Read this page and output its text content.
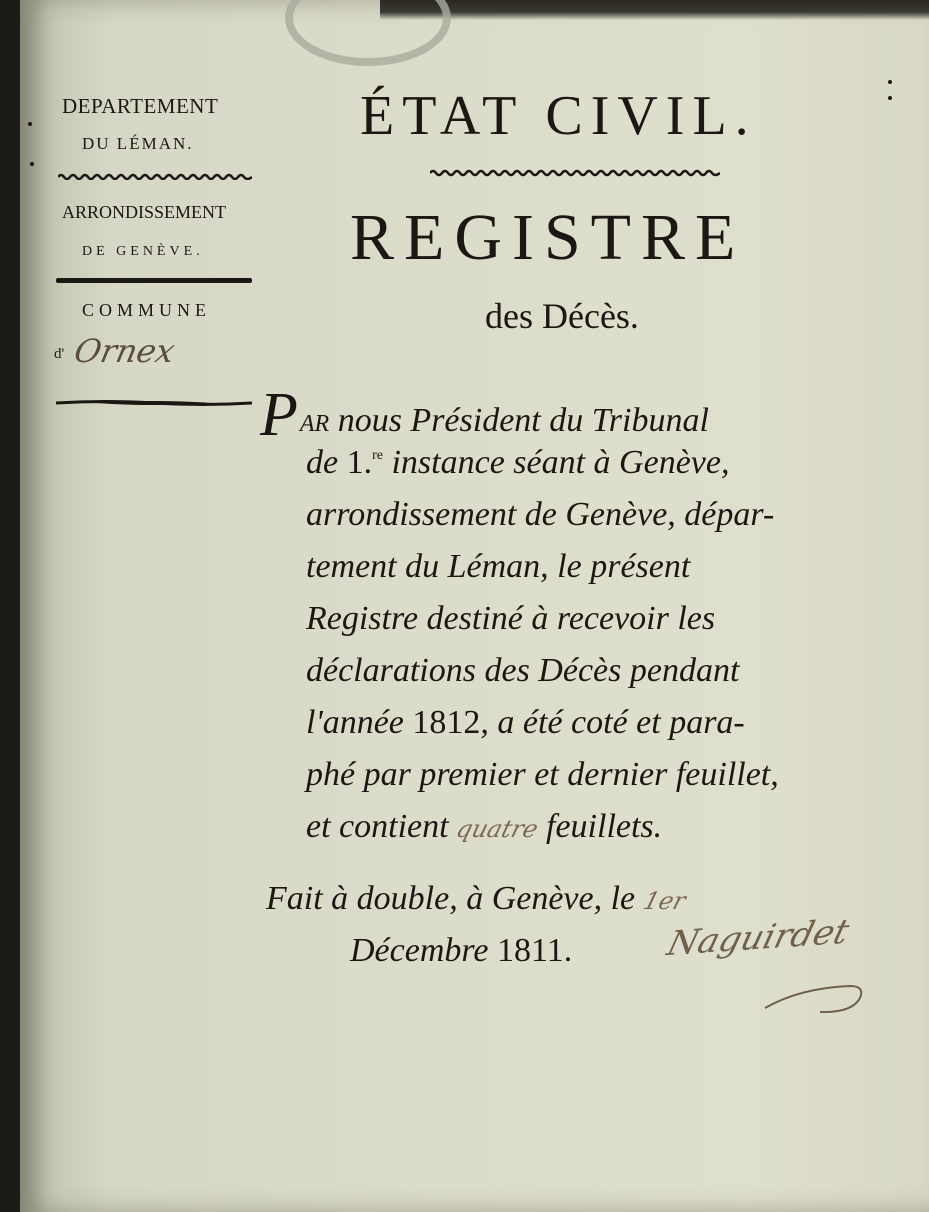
DEPARTEMENT
DU LÉMAN.
ARRONDISSEMENT
DE GENÈVE.
COMMUNE
d' Ornex
ÉTAT CIVIL.
REGISTRE
des Décès.
PAR nous Président du Tribunal
de 1.$^{re}$ instance séant à Genève,
arrondissement de Genève, dépar-
tement du Léman, le présent
Registre destiné à recevoir les
déclarations des Décès pendant
l'année 1812, a été coté et para-
phé par premier et dernier feuillet,
et contient quatre feuillets.
Fait à double, à Genève, le 1er
Décembre 1811.	Naguirdet
